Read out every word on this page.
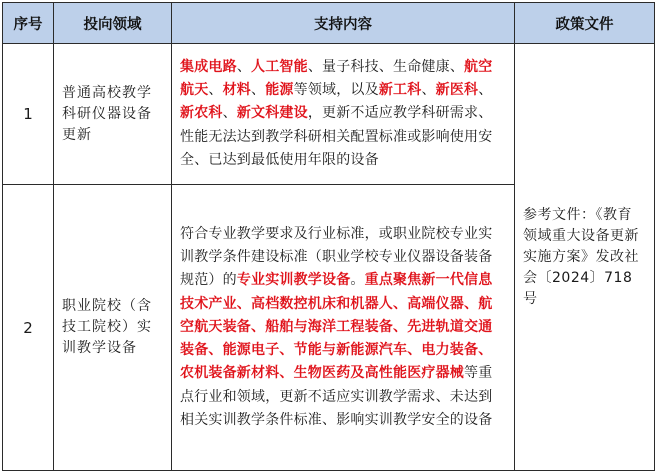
序号	投向领域	支持内容	政策文件
1	普通高校教学科研仪器设备更新	集成电路、人工智能、量子科技、生命健康、航空航天、材料、能源等领域，以及新工科、新医科、新农科、新文科建设，更新不适应教学科研需求、性能无法达到教学科研相关配置标准或影响使用安全、已达到最低使用年限的设备	参考文件：《教育领域重大设备更新实施方案》发改社会〔2024〕718号
2	职业院校（含技工院校）实训教学设备	符合专业教学要求及行业标准，或职业院校专业实训教学条件建设标准（职业学校专业仪器设备装备规范）的专业实训教学设备。重点聚焦新一代信息技术产业、高档数控机床和机器人、高端仪器、航空航天装备、船舶与海洋工程装备、先进轨道交通装备、能源电子、节能与新能源汽车、电力装备、农机装备新材料、生物医药及高性能医疗器械等重点行业和领域，更新不适应实训教学需求、未达到相关实训教学条件标准、影响实训教学安全的设备	
